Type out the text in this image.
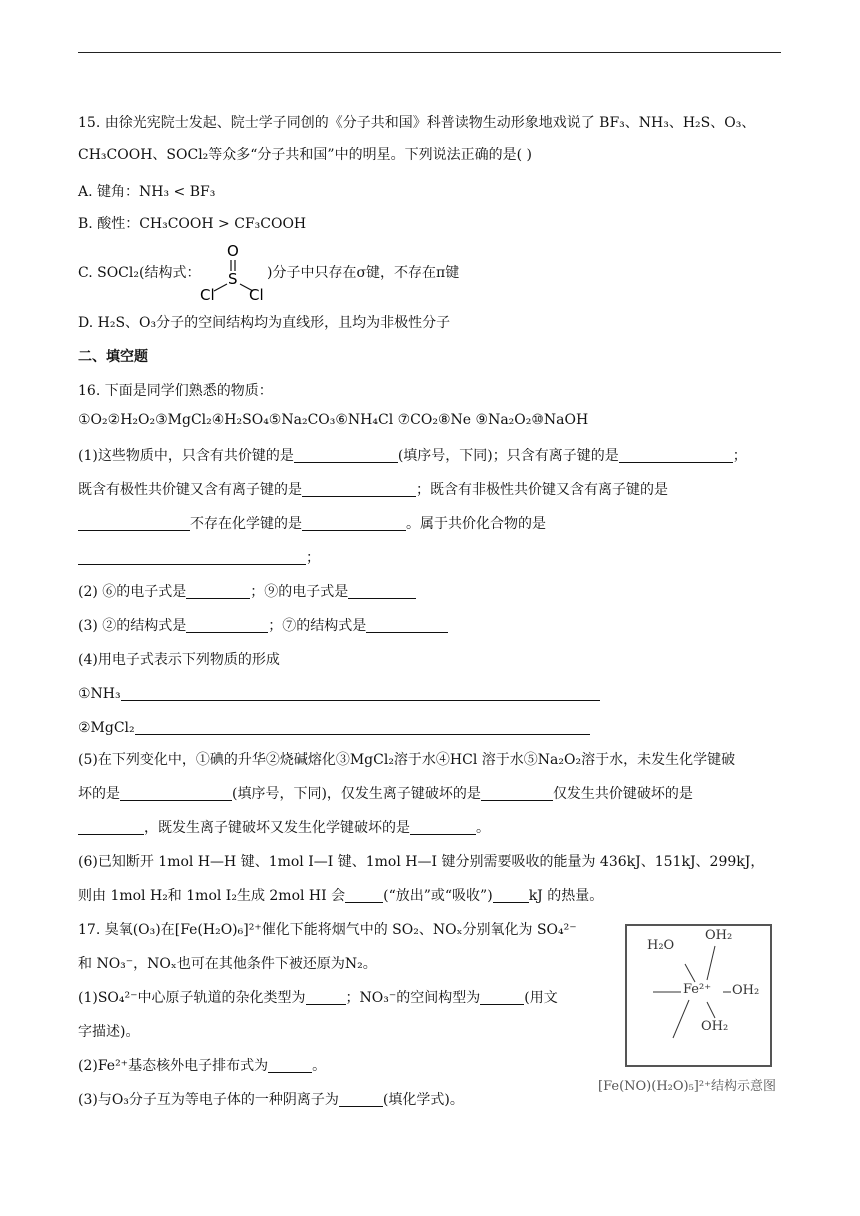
15. 由徐光宪院士发起、院士学子同创的《分子共和国》科普读物生动形象地戏说了 BF₃、NH₃、H₂S、O₃、
CH₃COOH、SOCl₂等众多“分子共和国”中的明星。下列说法正确的是( )
A. 键角：NH₃ < BF₃
B. 酸性：CH₃COOH > CF₃COOH
C. SOCl₂(结构式：
O
S
Cl Cl
)分子中只存在σ键，不存在π键
D. H₂S、O₃分子的空间结构均为直线形，且均为非极性分子
二、填空题
16. 下面是同学们熟悉的物质：
①O₂②H₂O₂③MgCl₂④H₂SO₄⑤Na₂CO₃⑥NH₄Cl ⑦CO₂⑧Ne ⑨Na₂O₂⑩NaOH
(1)这些物质中，只含有共价键的是	(填序号，下同)；只含有离子键的是	；
既含有极性共价键又含有离子键的是	；既含有非极性共价键又含有离子键的是
不存在化学键的是	。属于共价化合物的是
；
(2) ⑥的电子式是	；⑨的电子式是
(3) ②的结构式是	；⑦的结构式是
(4)用电子式表示下列物质的形成
①NH₃
②MgCl₂
(5)在下列变化中，①碘的升华②烧碱熔化③MgCl₂溶于水④HCl 溶于水⑤Na₂O₂溶于水，未发生化学键破
坏的是	(填序号，下同)，仅发生离子键破坏的是	仅发生共价键破坏的是
，既发生离子键破坏又发生化学键破坏的是	。
(6)已知断开 1mol H—H 键、1mol I—I 键、1mol H—I 键分别需要吸收的能量为 436kJ、151kJ、299kJ，
则由 1mol H₂和 1mol I₂生成 2mol HI 会	(“放出”或“吸收”)	kJ 的热量。
17. 臭氧(O₃)在[Fe(H₂O)₆]²⁺催化下能将烟气中的 SO₂、NOₓ分别氧化为 SO₄²⁻
和 NO₃⁻，NOₓ也可在其他条件下被还原为N₂。
(1)SO₄²⁻中心原子轨道的杂化类型为	；NO₃⁻的空间构型为	(用文
字描述)。
(2)Fe²⁺基态核外电子排布式为	。
(3)与O₃分子互为等电子体的一种阴离子为	(填化学式)。
H₂O
OH₂
Fe²⁺ OH₂
OH₂
[Fe(NO)(H₂O)₅]²⁺结构示意图
